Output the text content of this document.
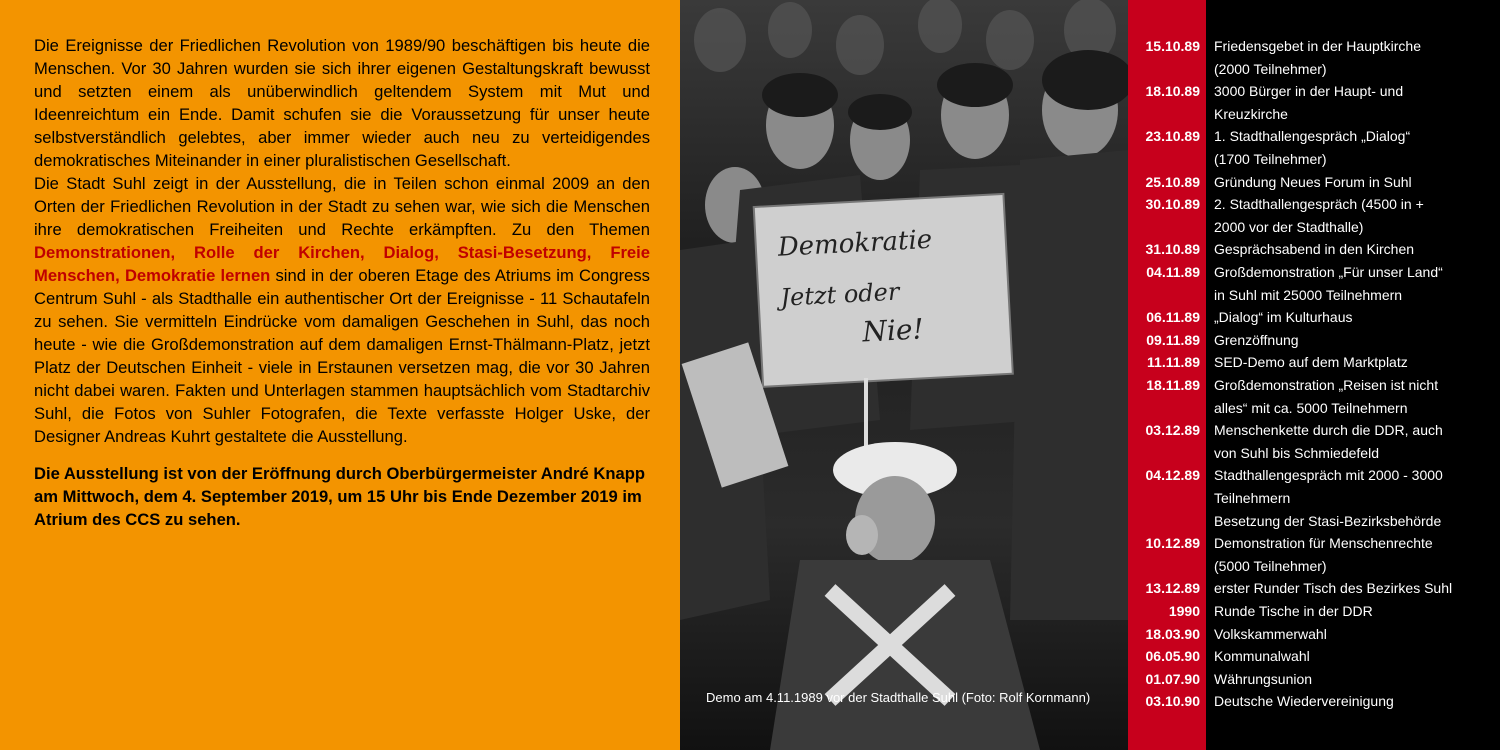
Die Ereignisse der Friedlichen Revolution von 1989/90 beschäftigen bis heute die Menschen. Vor 30 Jahren wurden sie sich ihrer eigenen Gestaltungskraft bewusst und setzten einem als unüberwindlich geltendem System mit Mut und Ideenreichtum ein Ende. Damit schufen sie die Voraussetzung für unser heute selbstverständlich gelebtes, aber immer wieder auch neu zu verteidigendes demokratisches Miteinander in einer pluralistischen Gesellschaft.

Die Stadt Suhl zeigt in der Ausstellung, die in Teilen schon einmal 2009 an den Orten der Friedlichen Revolution in der Stadt zu sehen war, wie sich die Menschen ihre demokratischen Freiheiten und Rechte erkämpften. Zu den Themen Demonstrationen, Rolle der Kirchen, Dialog, Stasi-Besetzung, Freie Menschen, Demokratie lernen sind in der oberen Etage des Atriums im Congress Centrum Suhl - als Stadthalle ein authentischer Ort der Ereignisse - 11 Schautafeln zu sehen. Sie vermitteln Eindrücke vom damaligen Geschehen in Suhl, das noch heute - wie die Großdemonstration auf dem damaligen Ernst-Thälmann-Platz, jetzt Platz der Deutschen Einheit - viele in Erstaunen versetzen mag, die vor 30 Jahren nicht dabei waren. Fakten und Unterlagen stammen hauptsächlich vom Stadtarchiv Suhl, die Fotos von Suhler Fotografen, die Texte verfasste Holger Uske, der Designer Andreas Kuhrt gestaltete die Ausstellung.

Die Ausstellung ist von der Eröffnung durch Oberbürgermeister André Knapp am Mittwoch, dem 4. September 2019, um 15 Uhr bis Ende Dezember 2019 im Atrium des CCS zu sehen.

Demokratie
Jetzt oder
Nie!
Demo am 4.11.1989 vor der Stadthalle Suhl (Foto: Rolf Kornmann)
15.10.89 Friedensgebet in der Hauptkirche
(2000 Teilnehmer)
18.10.89 3000 Bürger in der Haupt- und
Kreuzkirche
23.10.89 1. Stadthallengespräch „Dialog“
(1700 Teilnehmer)
25.10.89 Gründung Neues Forum in Suhl
30.10.89 2. Stadthallengespräch (4500 in +
2000 vor der Stadthalle)
31.10.89 Gesprächsabend in den Kirchen
04.11.89 Großdemonstration „Für unser Land“
in Suhl mit 25000 Teilnehmern
06.11.89 „Dialog“ im Kulturhaus
09.11.89 Grenzöffnung
11.11.89 SED-Demo auf dem Marktplatz
18.11.89 Großdemonstration „Reisen ist nicht
alles“ mit ca. 5000 Teilnehmern
03.12.89 Menschenkette durch die DDR, auch
von Suhl bis Schmiedefeld
04.12.89 Stadthallengespräch mit 2000 - 3000
Teilnehmern
Besetzung der Stasi-Bezirksbehörde
10.12.89 Demonstration für Menschenrechte
(5000 Teilnehmer)
13.12.89 erster Runder Tisch des Bezirkes Suhl
1990 Runde Tische in der DDR
18.03.90 Volkskammerwahl
06.05.90 Kommunalwahl
01.07.90 Währungsunion
03.10.90 Deutsche Wiedervereinigung
